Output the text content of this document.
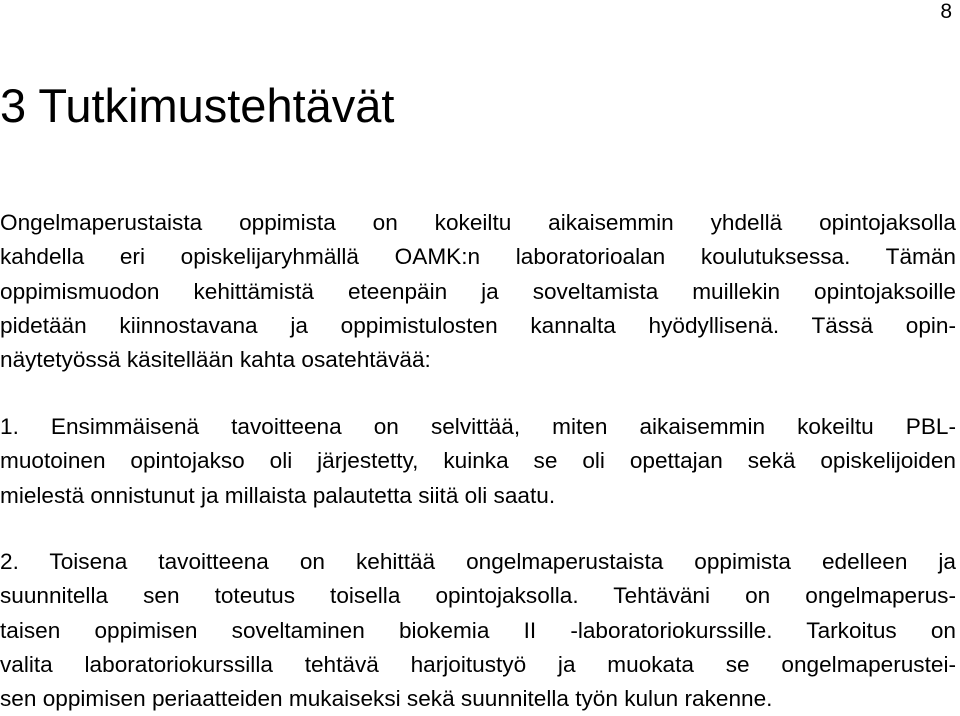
8
3 Tutkimustehtävät

Ongelmaperustaista oppimista on kokeiltu aikaisemmin yhdellä opintojaksolla
kahdella eri opiskelijaryhmällä OAMK:n laboratorioalan koulutuksessa. Tämän
oppimismuodon kehittämistä eteenpäin ja soveltamista muillekin opintojaksoille
pidetään kiinnostavana ja oppimistulosten kannalta hyödyllisenä. Tässä opin-
näytetyössä käsitellään kahta osatehtävää:

1. Ensimmäisenä tavoitteena on selvittää, miten aikaisemmin kokeiltu PBL-
muotoinen opintojakso oli järjestetty, kuinka se oli opettajan sekä opiskelijoiden
mielestä onnistunut ja millaista palautetta siitä oli saatu.

2. Toisena tavoitteena on kehittää ongelmaperustaista oppimista edelleen ja
suunnitella sen toteutus toisella opintojaksolla. Tehtäväni on ongelmaperus-
taisen oppimisen soveltaminen biokemia II -laboratoriokurssille. Tarkoitus on
valita laboratoriokurssilla tehtävä harjoitustyö ja muokata se ongelmaperustei-
sen oppimisen periaatteiden mukaiseksi sekä suunnitella työn kulun rakenne.
